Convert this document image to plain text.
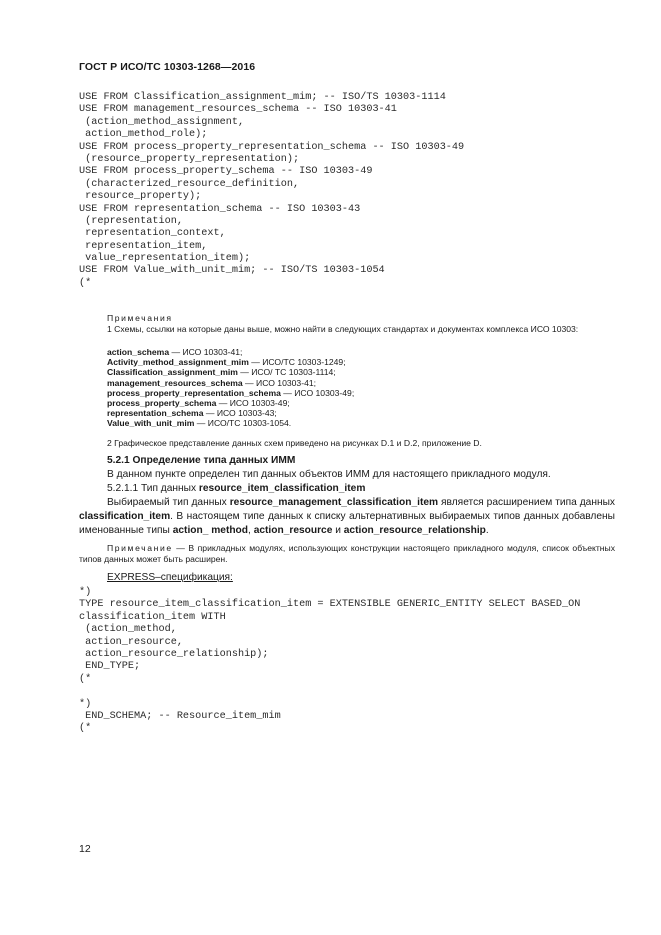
ГОСТ Р ИСО/ТС 10303-1268—2016
USE FROM Classification_assignment_mim; -- ISO/TS 10303-1114
USE FROM management_resources_schema -- ISO 10303-41
(action_method_assignment,
action_method_role);
USE FROM process_property_representation_schema -- ISO 10303-49
(resource_property_representation);
USE FROM process_property_schema -- ISO 10303-49
(characterized_resource_definition,
resource_property);
USE FROM representation_schema -- ISO 10303-43
(representation,
representation_context,
representation_item,
value_representation_item);
USE FROM Value_with_unit_mim; -- ISO/TS 10303-1054
(*
Примечания
1 Схемы, ссылки на которые даны выше, можно найти в следующих стандартах и документах комплекса ИСО 10303:
action_schema — ИСО 10303-41;
Activity_method_assignment_mim — ИСО/ТС 10303-1249;
Classification_assignment_mim — ИСО/ ТС 10303-1114;
management_resources_schema — ИСО 10303-41;
process_property_representation_schema — ИСО 10303-49;
process_property_schema — ИСО 10303-49;
representation_schema — ИСО 10303-43;
Value_with_unit_mim — ИСО/ТС 10303-1054.
2 Графическое представление данных схем приведено на рисунках D.1 и D.2, приложение D.
5.2.1 Определение типа данных ИММ
В данном пункте определен тип данных объектов ИММ для настоящего прикладного модуля.
5.2.1.1 Тип данных resource_item_classification_item
Выбираемый тип данных resource_management_classification_item является расширением типа данных classification_item. В настоящем типе данных к списку альтернативных выбираемых типов данных добавлены именованные типы action_ method, action_resource и action_resource_relationship.
Примечание — В прикладных модулях, использующих конструкции настоящего прикладного модуля, список объектных типов данных может быть расширен.
EXPRESS–спецификация:
*)
TYPE resource_item_classification_item = EXTENSIBLE GENERIC_ENTITY SELECT BASED_ON
classification_item WITH
(action_method,
action_resource,
action_resource_relationship);
END_TYPE;
(*
*)
END_SCHEMA; -- Resource_item_mim
(*
12
